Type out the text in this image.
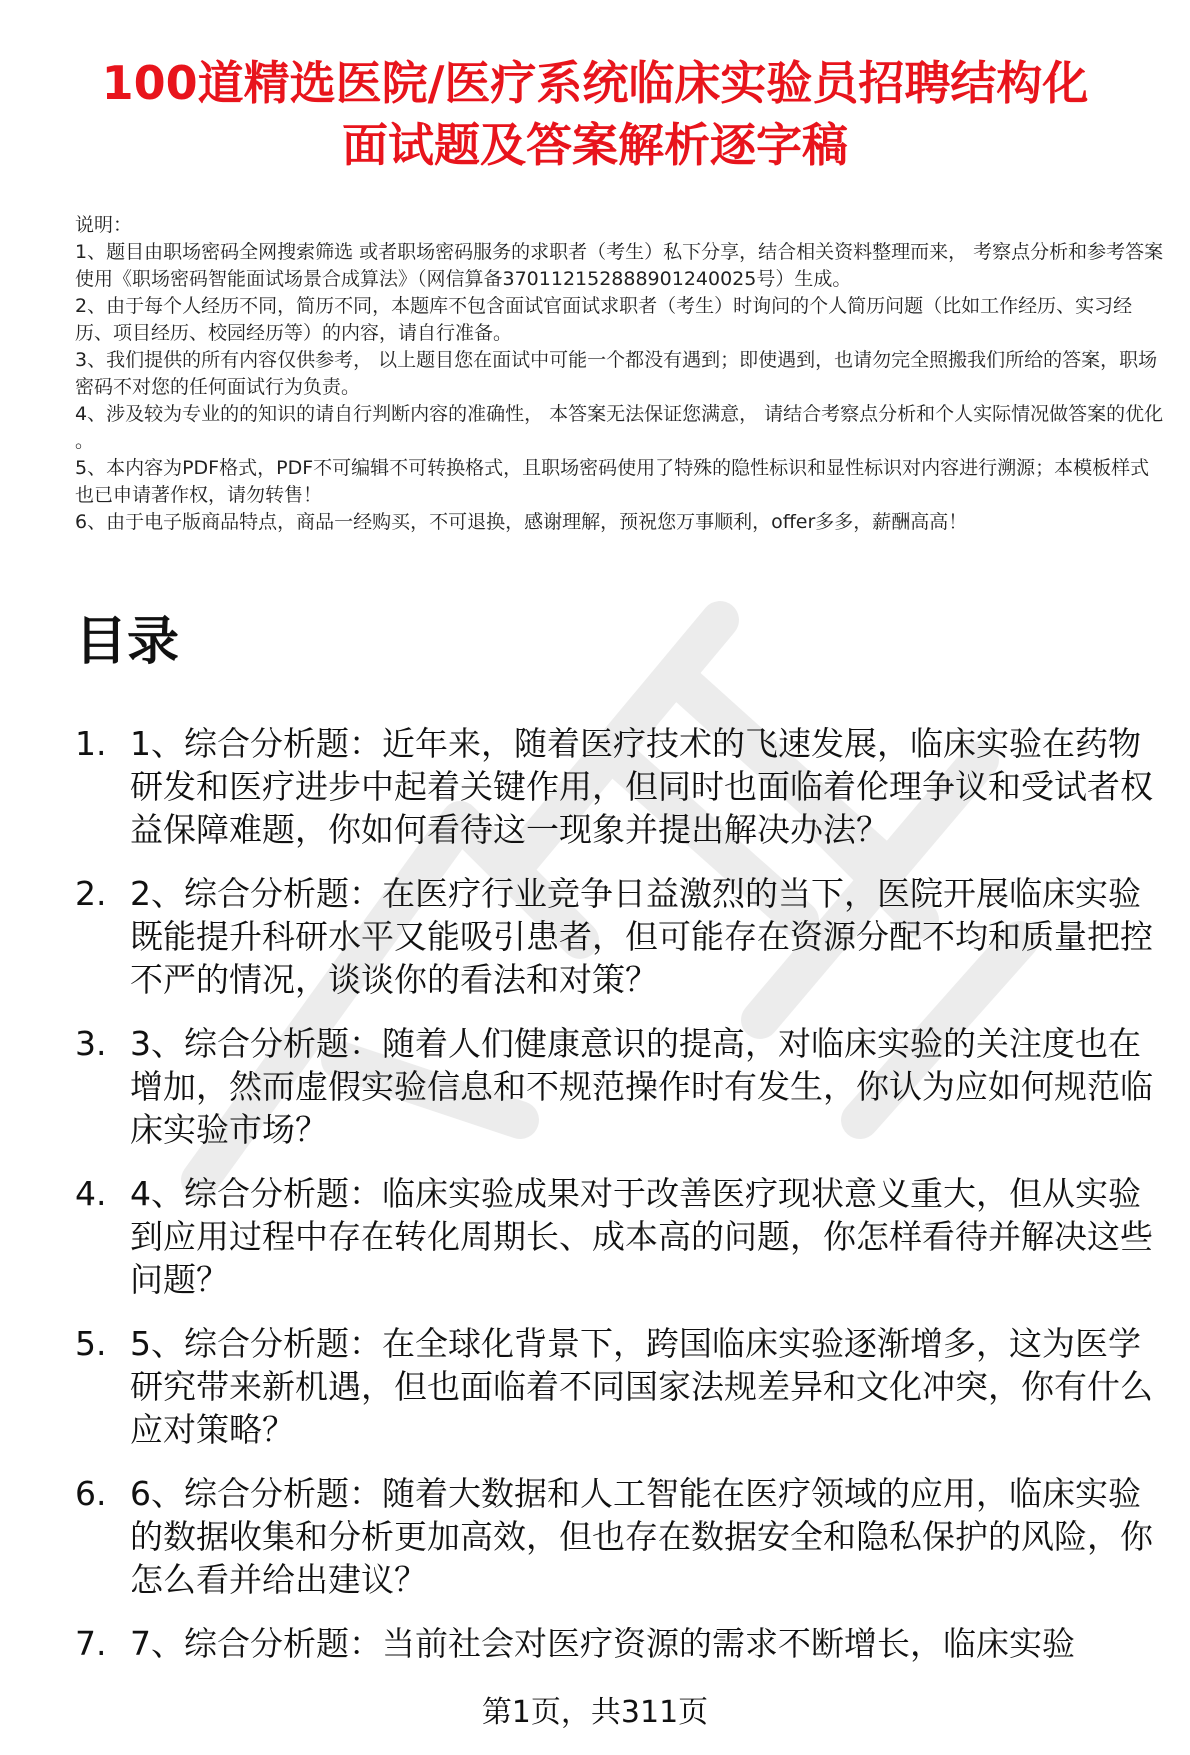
100道精选医院/医疗系统临床实验员招聘结构化面试题及答案解析逐字稿

说明：

1、题目由职场密码全网搜索筛选 或者职场密码服务的求职者（考生）私下分享，结合相关资料整理而来， 考察点分析和参考答案使用《职场密码智能面试场景合成算法》（网信算备370112152888901240025号）生成。

2、由于每个人经历不同，简历不同，本题库不包含面试官面试求职者（考生）时询问的个人简历问题（比如工作经历、实习经历、项目经历、校园经历等）的内容，请自行准备。

3、我们提供的所有内容仅供参考， 以上题目您在面试中可能一个都没有遇到；即使遇到，也请勿完全照搬我们所给的答案，职场密码不对您的任何面试行为负责。

4、涉及较为专业的的知识的请自行判断内容的准确性， 本答案无法保证您满意， 请结合考察点分析和个人实际情况做答案的优化 。

5、本内容为PDF格式，PDF不可编辑不可转换格式，且职场密码使用了特殊的隐性标识和显性标识对内容进行溯源；本模板样式也已申请著作权，请勿转售！

6、由于电子版商品特点，商品一经购买，不可退换，感谢理解，预祝您万事顺利，offer多多，薪酬高高！

目录
1. 1、综合分析题：近年来，随着医疗技术的飞速发展，临床实验在药物研发和医疗进步中起着关键作用，但同时也面临着伦理争议和受试者权益保障难题，你如何看待这一现象并提出解决办法？
2. 2、综合分析题：在医疗行业竞争日益激烈的当下，医院开展临床实验既能提升科研水平又能吸引患者，但可能存在资源分配不均和质量把控不严的情况，谈谈你的看法和对策？
3. 3、综合分析题：随着人们健康意识的提高，对临床实验的关注度也在增加，然而虚假实验信息和不规范操作时有发生，你认为应如何规范临床实验市场？
4. 4、综合分析题：临床实验成果对于改善医疗现状意义重大，但从实验到应用过程中存在转化周期长、成本高的问题，你怎样看待并解决这些问题？
5. 5、综合分析题：在全球化背景下，跨国临床实验逐渐增多，这为医学研究带来新机遇，但也面临着不同国家法规差异和文化冲突，你有什么应对策略？
6. 6、综合分析题：随着大数据和人工智能在医疗领域的应用，临床实验的数据收集和分析更加高效，但也存在数据安全和隐私保护的风险，你怎么看并给出建议？
7. 7、综合分析题：当前社会对医疗资源的需求不断增长，临床实验
第1页，共311页
